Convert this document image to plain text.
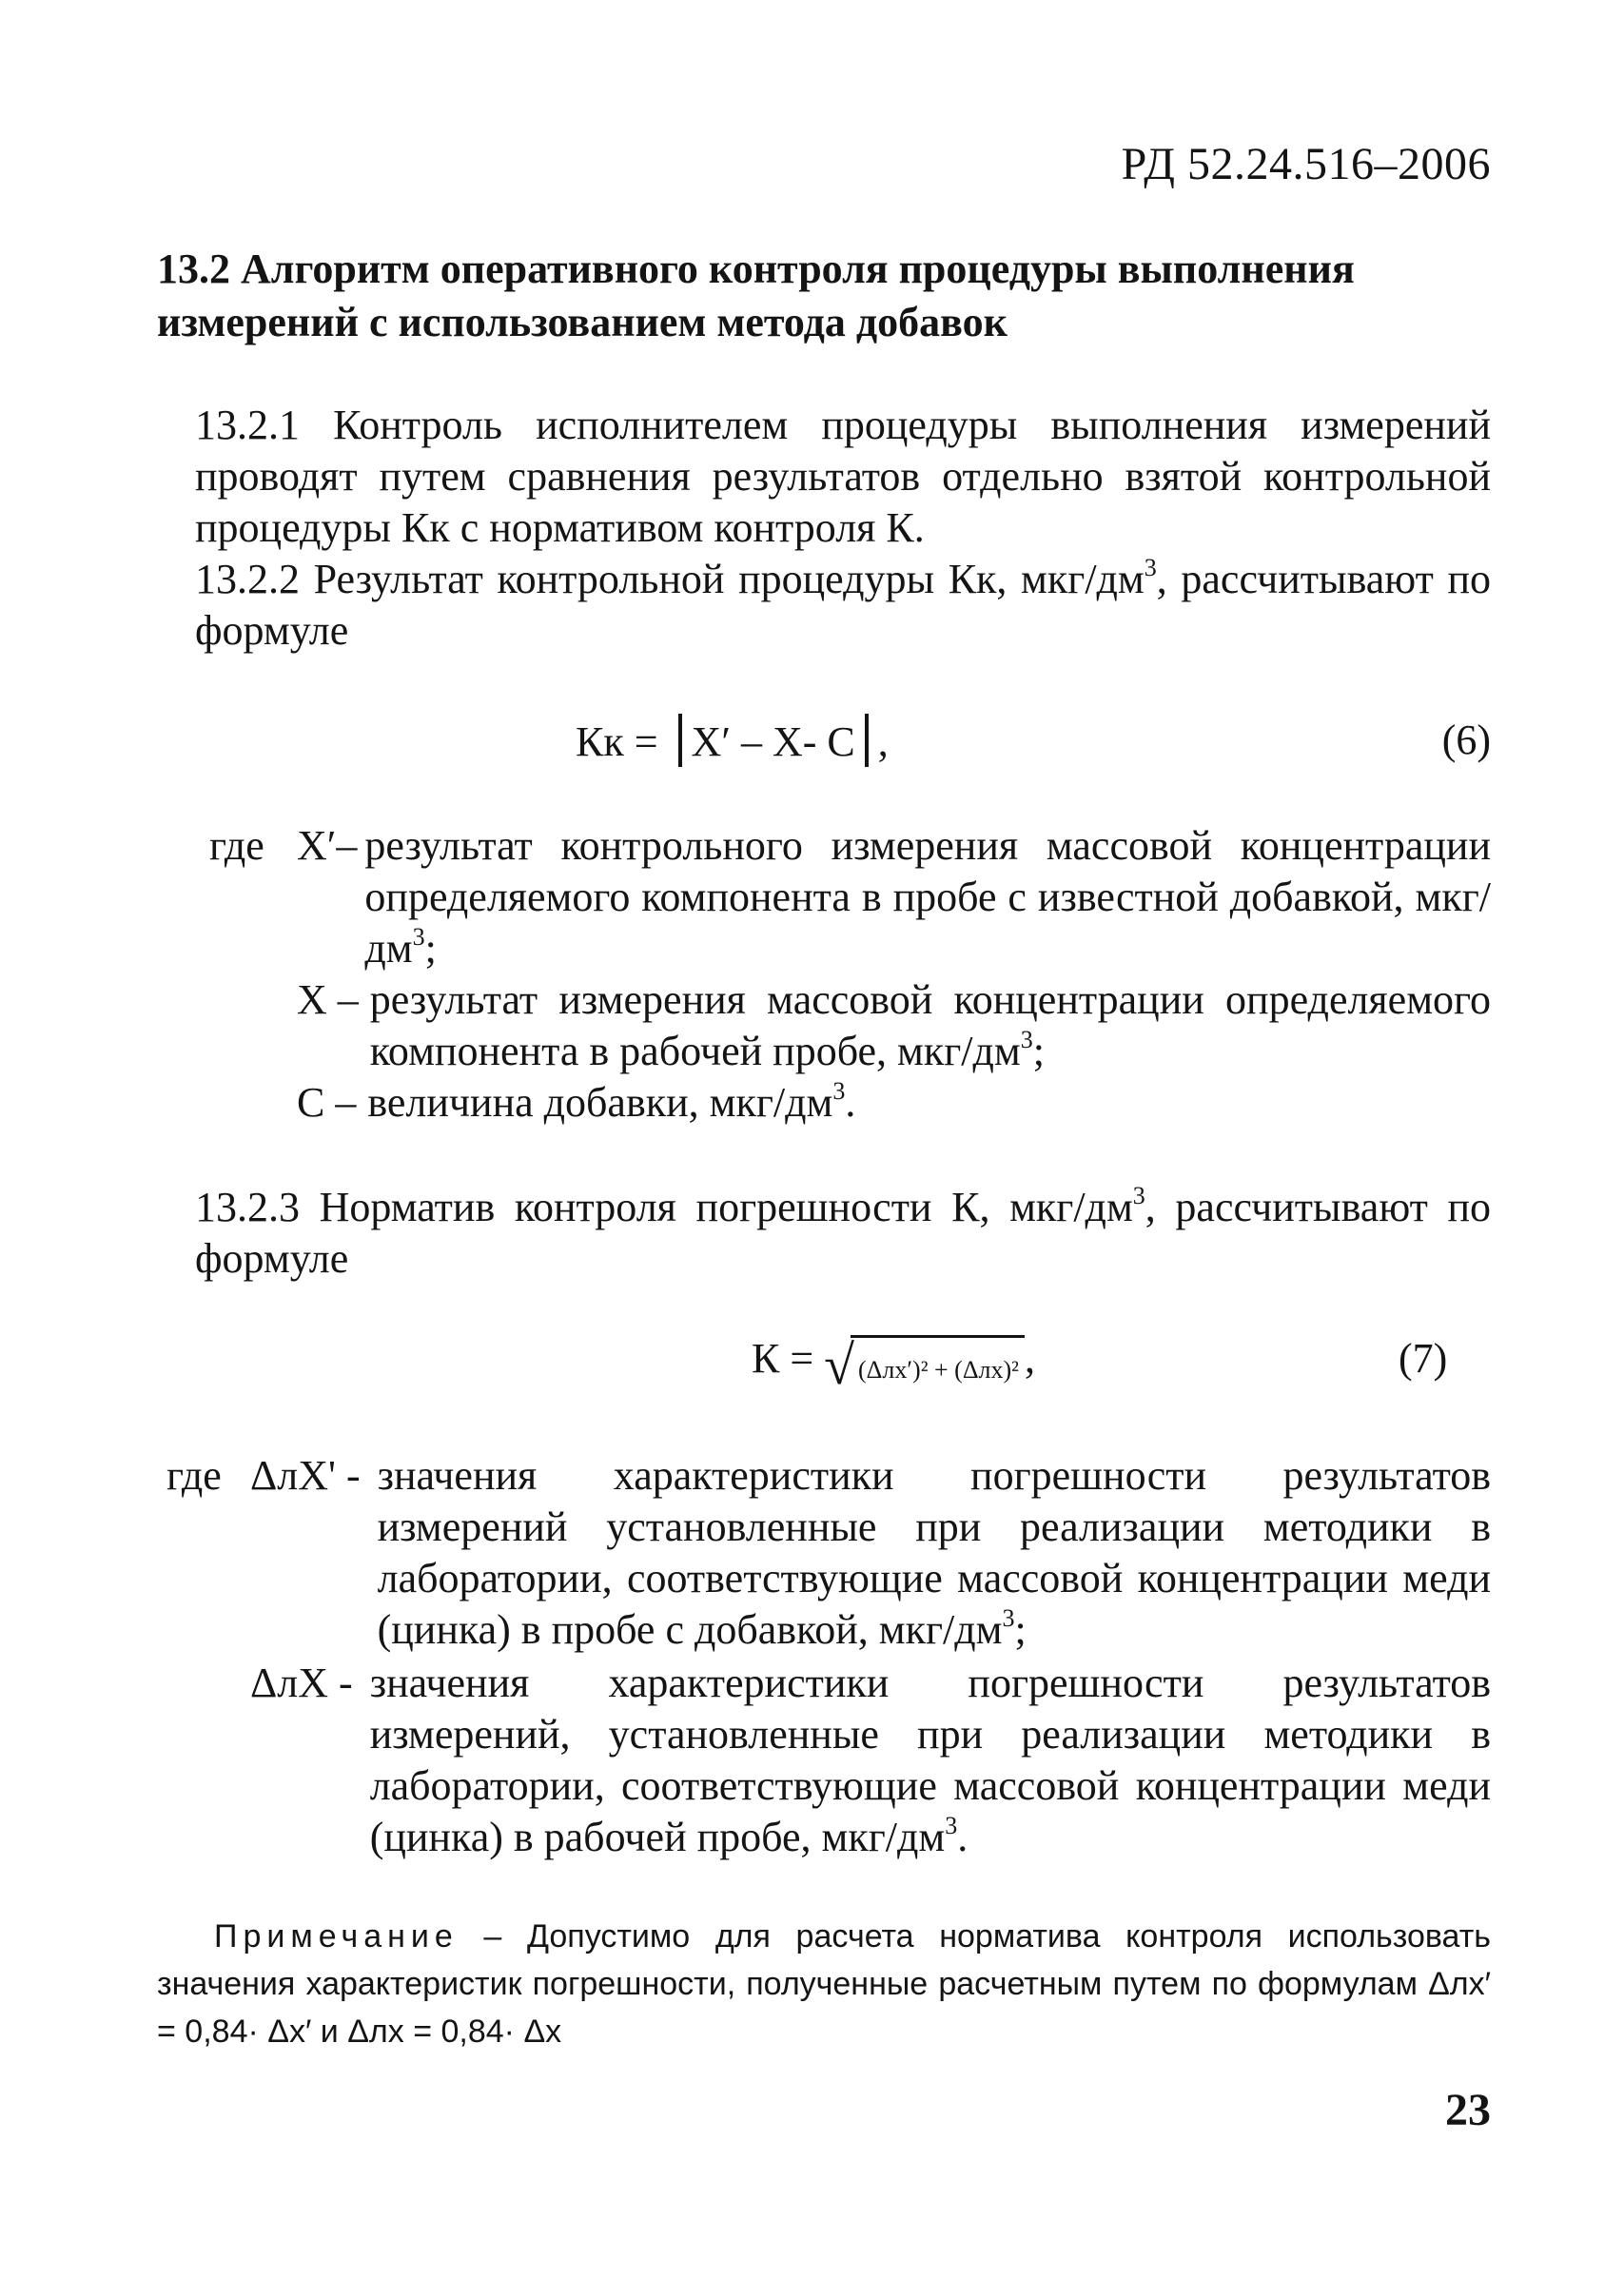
РД 52.24.516–2006
13.2 Алгоритм оперативного контроля процедуры выполнения измерений с использованием метода добавок
13.2.1 Контроль исполнителем процедуры выполнения измерений проводят путем сравнения результатов отдельно взятой контрольной процедуры Кк с нормативом контроля К.
13.2.2 Результат контрольной процедуры Кк, мкг/$дм^3$, рассчитывают по формуле
Кк = Х′ – Х- С ,	(6)
где Х′– результат контрольного измерения массовой концентрации определяемого компонента в пробе с известной добавкой, мкг/$дм^3$;
Х – результат измерения массовой концентрации определяемого компонента в рабочей пробе, мкг/$дм^3$;
С – величина добавки, мкг/$дм^3$.
13.2.3 Норматив контроля погрешности К, мкг/$дм^3$, рассчитывают по формуле
К = √ (Δлх′)² + (Δлх)² ,	(7)
где ΔлХ' - значения характеристики погрешности результатов измерений установленные при реализации методики в лаборатории, соответствующие массовой концентрации меди (цинка) в пробе с добавкой, мкг/$дм^3$;
ΔлХ - значения характеристики погрешности результатов измерений, установленные при реализации методики в лаборатории, соответствующие массовой концентрации меди (цинка) в рабочей пробе, мкг/$дм^3$.
Примечание – Допустимо для расчета норматива контроля использовать значения характеристик погрешности, полученные расчетным путем по формулам Δлх′ = 0,84· Δх′ и Δлх = 0,84· Δх
23
